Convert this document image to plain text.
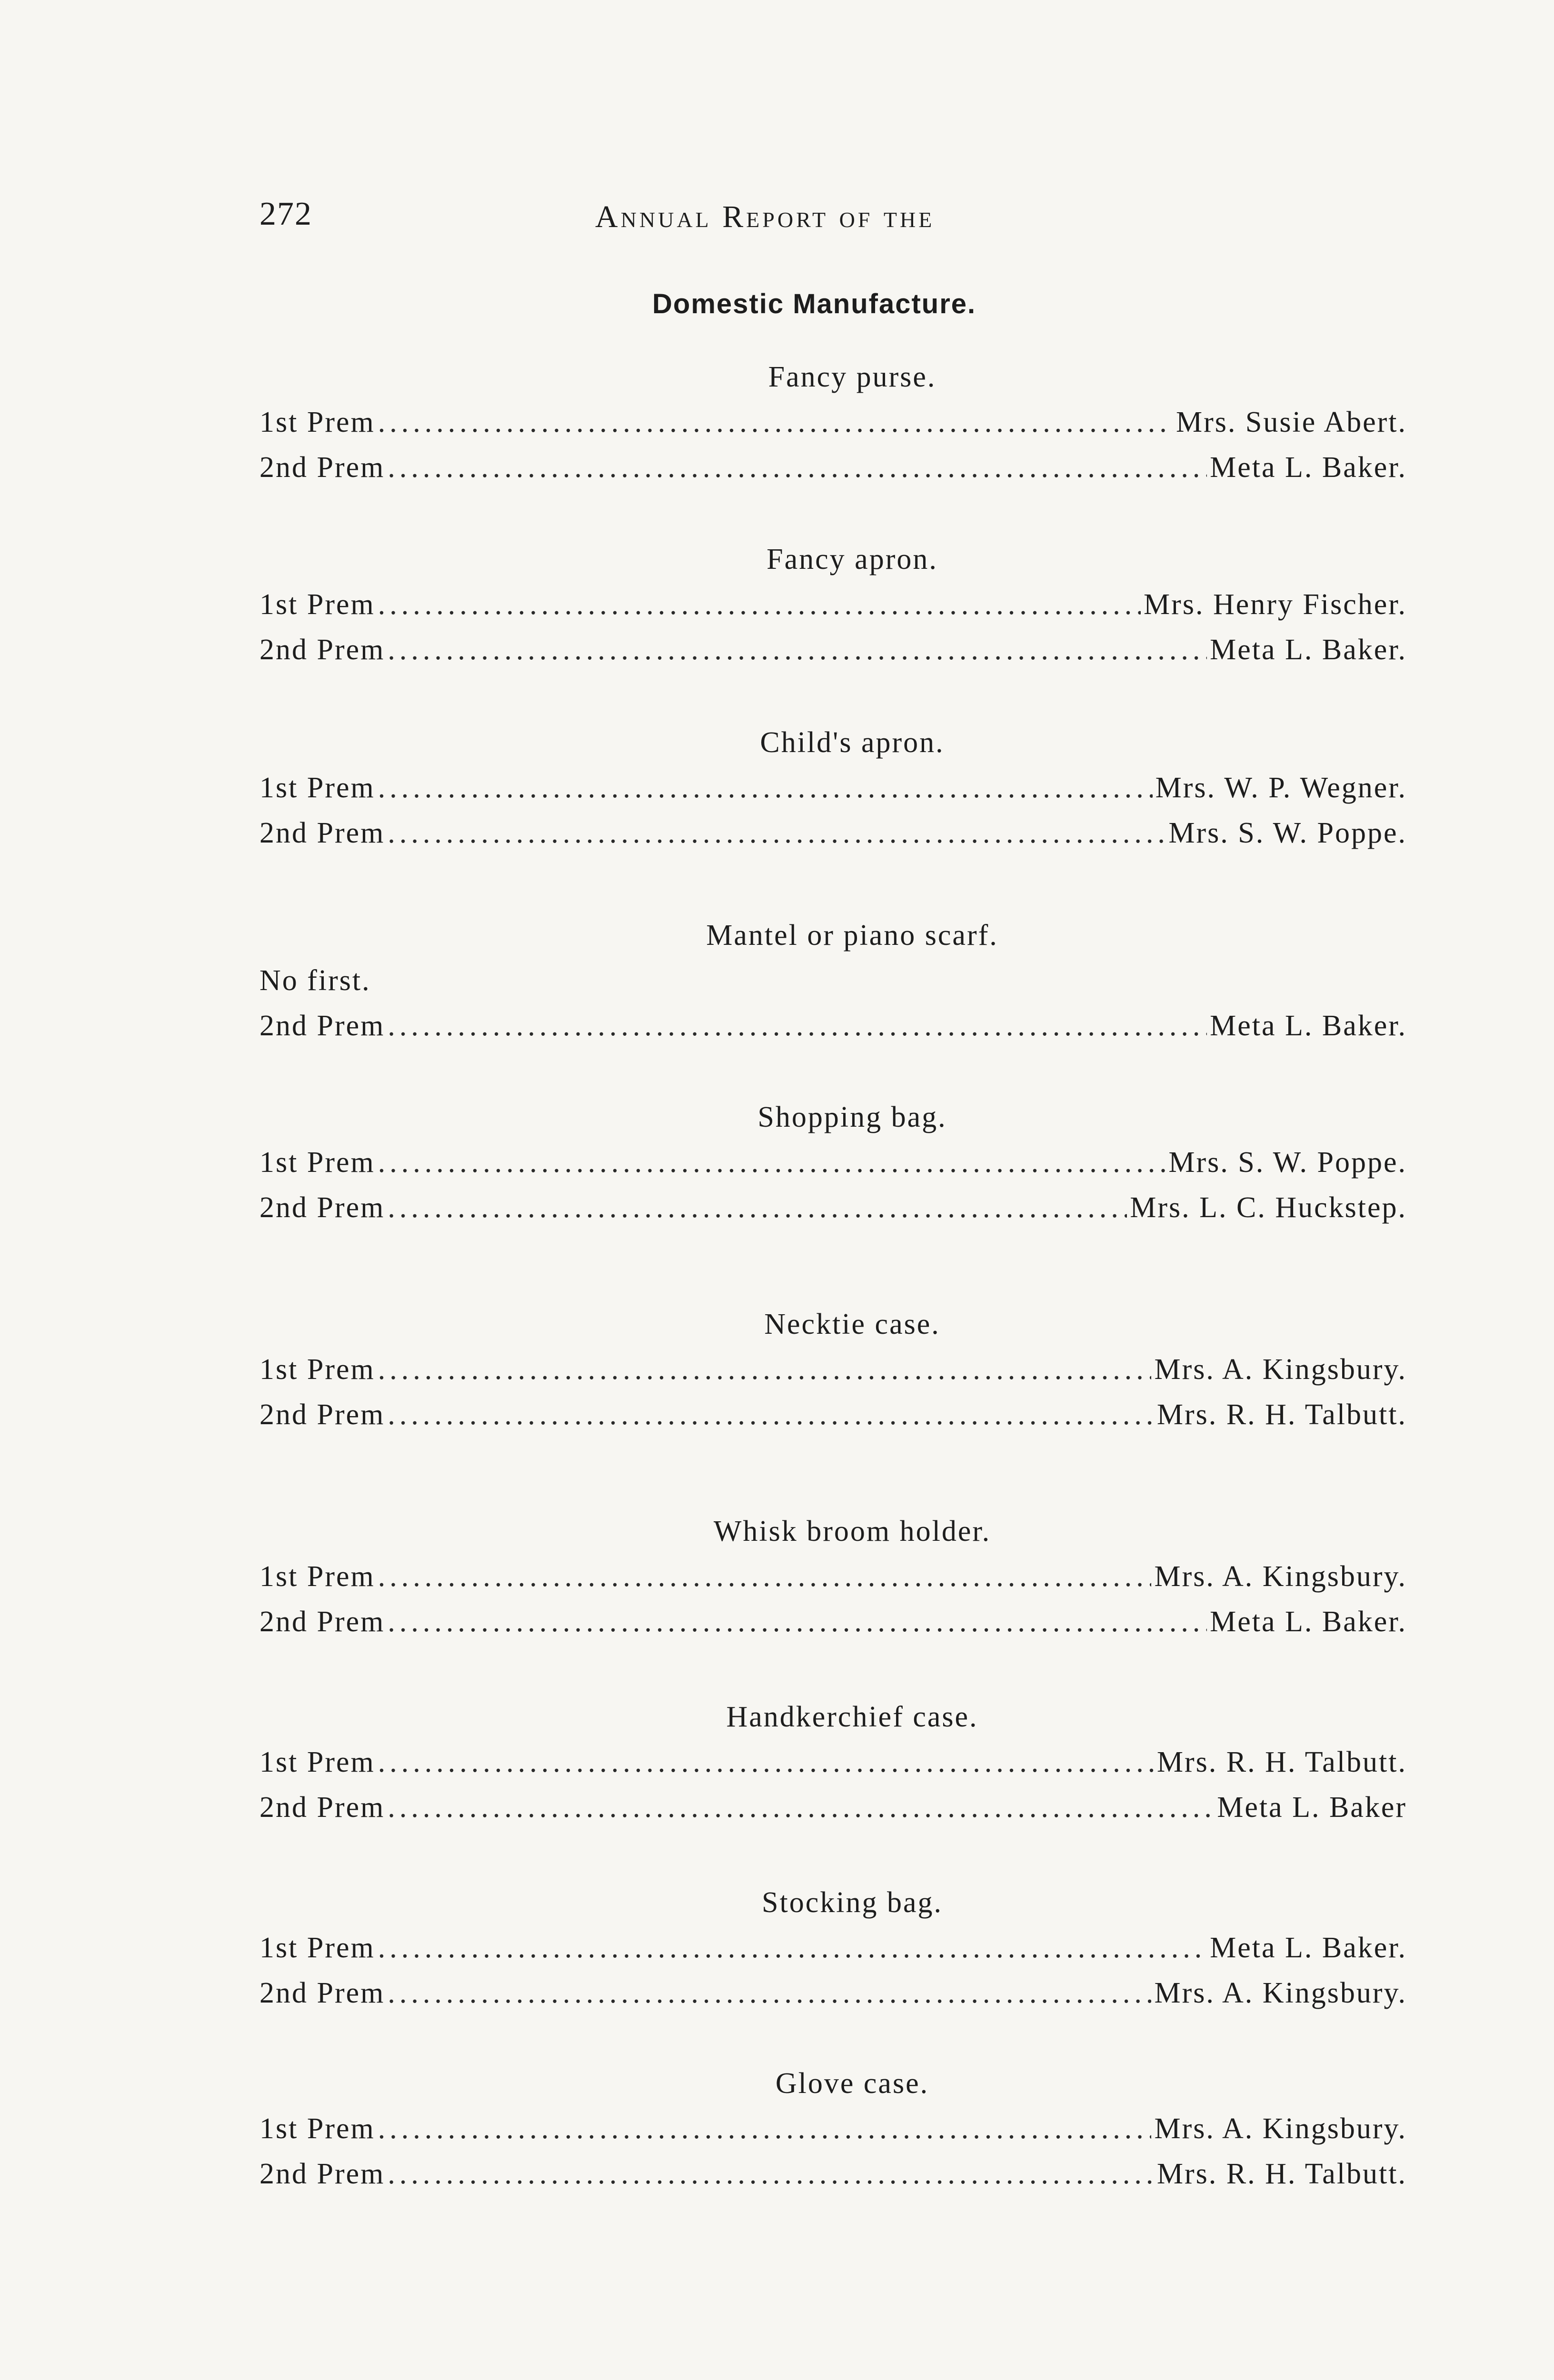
272	Annual Report of the
Domestic Manufacture.
Fancy purse.
1st Prem .....	Mrs. Susie Abert.
2nd Prem .....	Meta L. Baker.
Fancy apron.
1st Prem .....	Mrs. Henry Fischer.
2nd Prem .....	Meta L. Baker.
Child's apron.
1st Prem .....	Mrs. W. P. Wegner.
2nd Prem .....	Mrs. S. W. Poppe.
Mantel or piano scarf.
No first.
2nd Prem .....	Meta L. Baker.
Shopping bag.
1st Prem .....	Mrs. S. W. Poppe.
2nd Prem .....	Mrs. L. C. Huckstep.
Necktie case.
1st Prem .....	Mrs. A. Kingsbury.
2nd Prem .....	Mrs. R. H. Talbutt.
Whisk broom holder.
1st Prem .....	Mrs. A. Kingsbury.
2nd Prem .....	Meta L. Baker.
Handkerchief case.
1st Prem .....	Mrs. R. H. Talbutt.
2nd Prem .....	Meta L. Baker
Stocking bag.
1st Prem .....	Meta L. Baker.
2nd Prem .....	Mrs. A. Kingsbury.
Glove case.
1st Prem .....	Mrs. A. Kingsbury.
2nd Prem .....	Mrs. R. H. Talbutt.
